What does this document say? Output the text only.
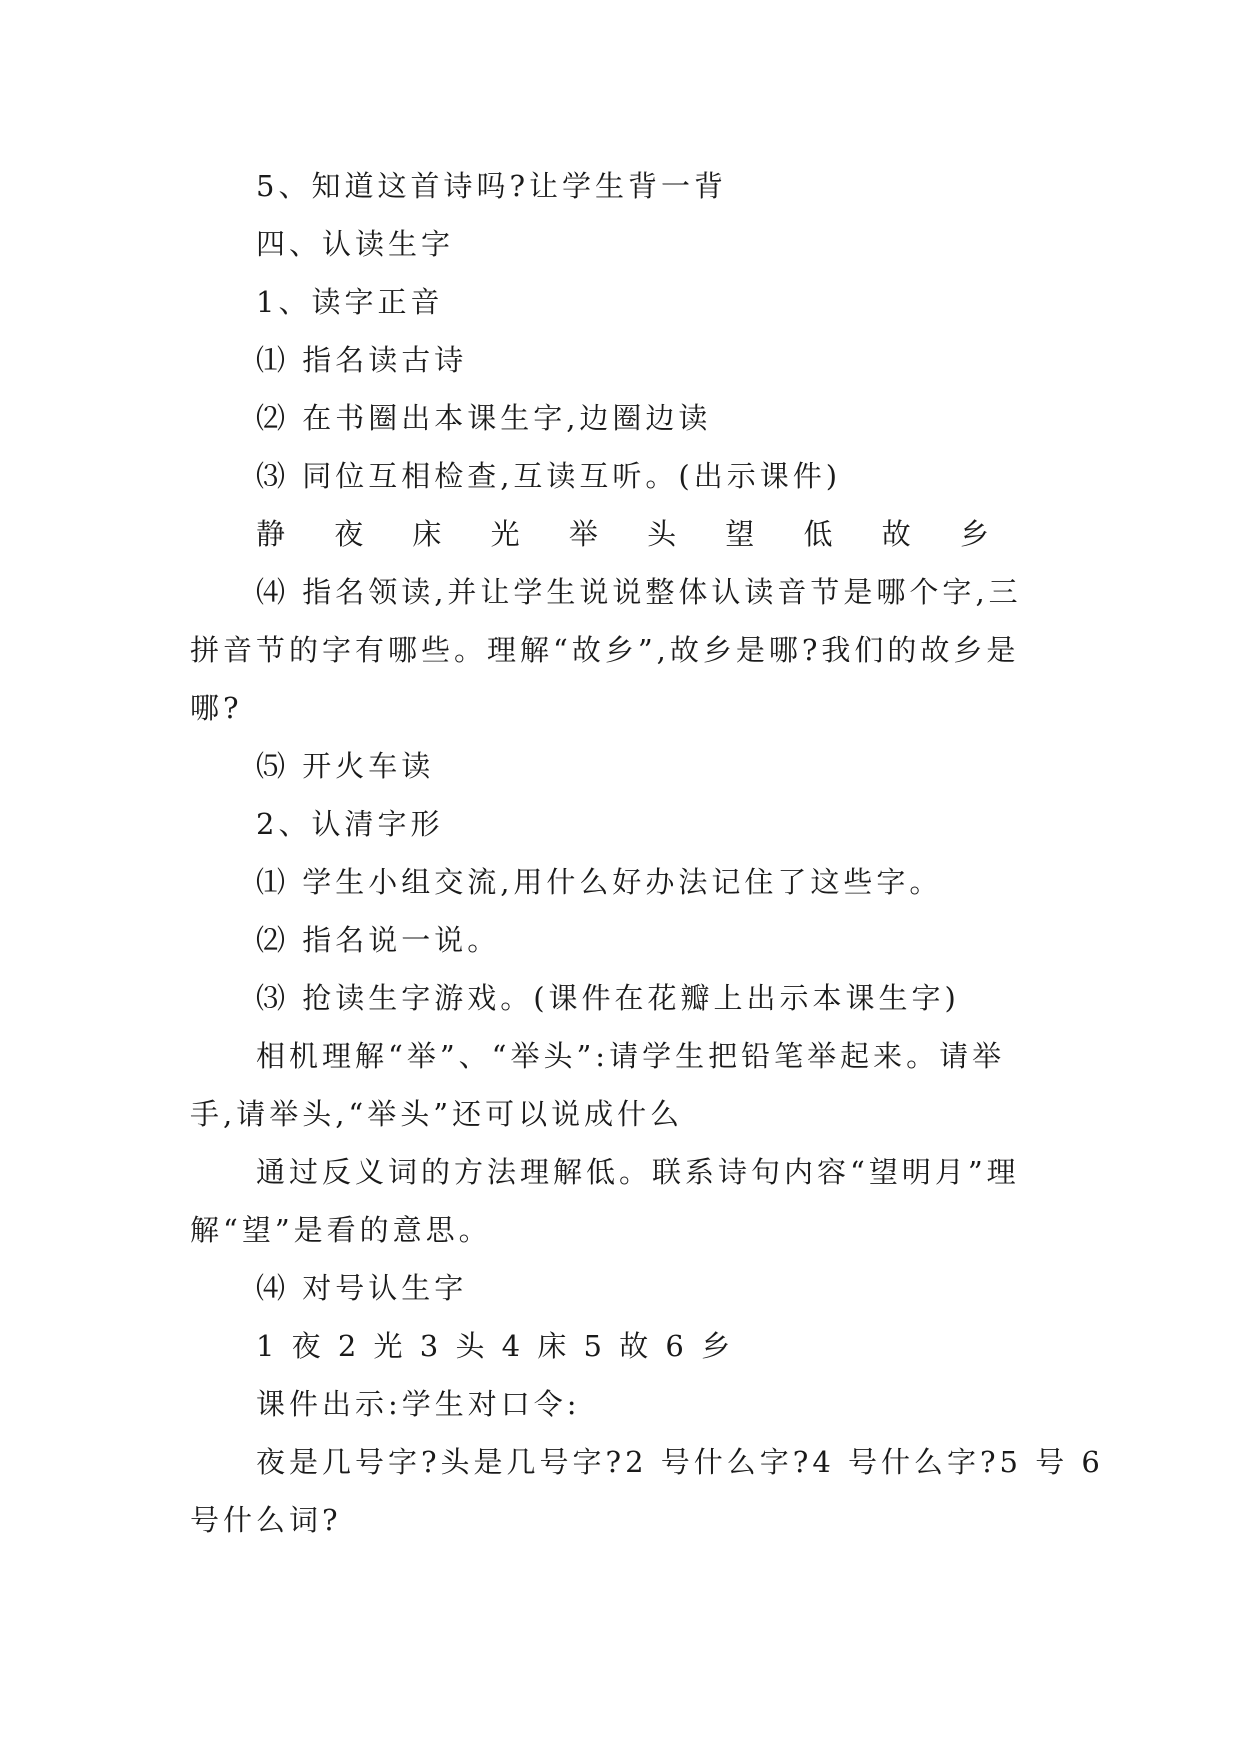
5、知道这首诗吗?让学生背一背
四、认读生字
1、读字正音
⑴ 指名读古诗
⑵ 在书圈出本课生字,边圈边读
⑶ 同位互相检查,互读互听。(出示课件)
静 夜 床 光 举 头 望 低 故 乡
⑷ 指名领读,并让学生说说整体认读音节是哪个字,三
拼音节的字有哪些。理解“故乡”,故乡是哪?我们的故乡是
哪?
⑸ 开火车读
2、认清字形
⑴ 学生小组交流,用什么好办法记住了这些字。
⑵ 指名说一说。
⑶ 抢读生字游戏。(课件在花瓣上出示本课生字)
相机理解“举”、“举头”:请学生把铅笔举起来。请举
手,请举头,“举头”还可以说成什么
通过反义词的方法理解低。联系诗句内容“望明月”理
解“望”是看的意思。
⑷ 对号认生字
1 夜 2 光 3 头 4 床 5 故 6 乡
课件出示:学生对口令:
夜是几号字?头是几号字?2 号什么字?4 号什么字?5 号 6
号什么词?
